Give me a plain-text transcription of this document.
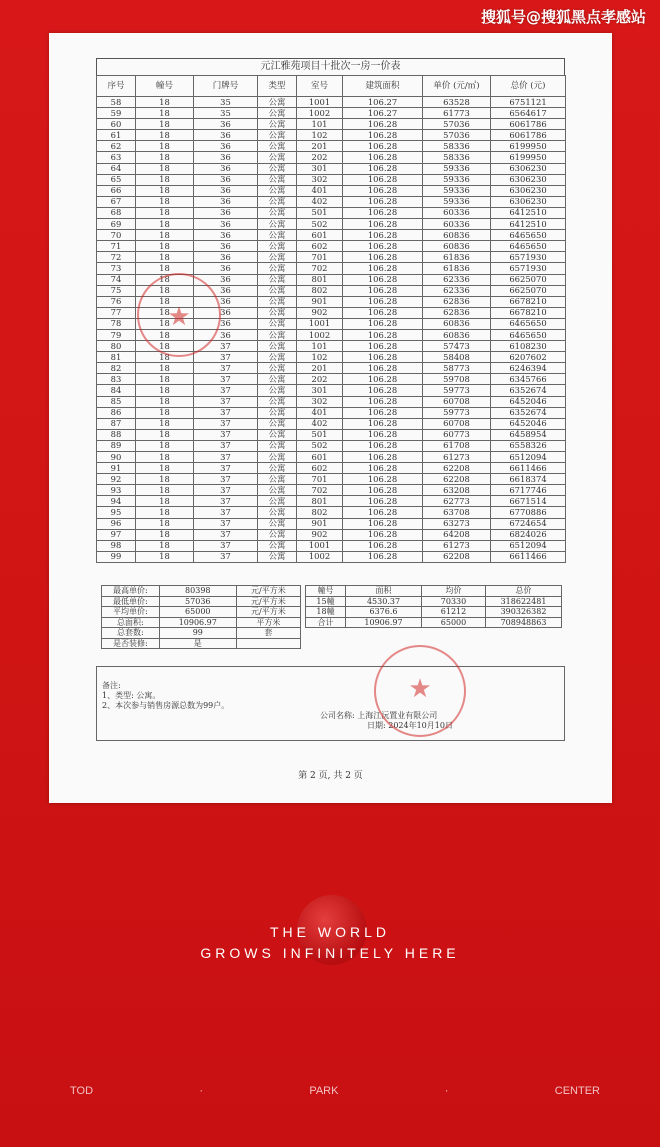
搜狐号@搜狐黑点孝感站
元江雅苑项目十批次一房一价表
序号	幢号	门牌号	类型	室号	建筑面积	单价 (元/㎡)	总价 (元)
58	18	35	公寓	1001	106.27	63528	6751121
59	18	35	公寓	1002	106.27	61773	6564617
60	18	36	公寓	101	106.28	57036	6061786
61	18	36	公寓	102	106.28	57036	6061786
62	18	36	公寓	201	106.28	58336	6199950
63	18	36	公寓	202	106.28	58336	6199950
64	18	36	公寓	301	106.28	59336	6306230
65	18	36	公寓	302	106.28	59336	6306230
66	18	36	公寓	401	106.28	59336	6306230
67	18	36	公寓	402	106.28	59336	6306230
68	18	36	公寓	501	106.28	60336	6412510
69	18	36	公寓	502	106.28	60336	6412510
70	18	36	公寓	601	106.28	60836	6465650
71	18	36	公寓	602	106.28	60836	6465650
72	18	36	公寓	701	106.28	61836	6571930
73	18	36	公寓	702	106.28	61836	6571930
74	18	36	公寓	801	106.28	62336	6625070
75	18	36	公寓	802	106.28	62336	6625070
76	18	36	公寓	901	106.28	62836	6678210
77	18	36	公寓	902	106.28	62836	6678210
78	18	36	公寓	1001	106.28	60836	6465650
79	18	36	公寓	1002	106.28	60836	6465650
80	18	37	公寓	101	106.28	57473	6108230
81	18	37	公寓	102	106.28	58408	6207602
82	18	37	公寓	201	106.28	58773	6246394
83	18	37	公寓	202	106.28	59708	6345766
84	18	37	公寓	301	106.28	59773	6352674
85	18	37	公寓	302	106.28	60708	6452046
86	18	37	公寓	401	106.28	59773	6352674
87	18	37	公寓	402	106.28	60708	6452046
88	18	37	公寓	501	106.28	60773	6458954
89	18	37	公寓	502	106.28	61708	6558326
90	18	37	公寓	601	106.28	61273	6512094
91	18	37	公寓	602	106.28	62208	6611466
92	18	37	公寓	701	106.28	62208	6618374
93	18	37	公寓	702	106.28	63208	6717746
94	18	37	公寓	801	106.28	62773	6671514
95	18	37	公寓	802	106.28	63708	6770886
96	18	37	公寓	901	106.28	63273	6724654
97	18	37	公寓	902	106.28	64208	6824026
98	18	37	公寓	1001	106.28	61273	6512094
99	18	37	公寓	1002	106.28	62208	6611466
最高单价:	80398	元/平方米
最低单价:	57036	元/平方米
平均单价:	65000	元/平方米
总面积:	10906.97	平方米
总套数:	99	套
是否装修:	是	
幢号	面积	均价	总价
15幢	4530.37	70330	318622481
18幢	6376.6	61212	390326382
合计	10906.97	65000	708948863
★
备注:
1、类型: 公寓。
2、本次参与销售房源总数为99户。
公司名称: 上海江沅置业有限公司
日期: 2024年10月10日
★
第 2 页, 共 2 页
THE WORLD
GROWS INFINITELY HERE
TOD	·	PARK	·	CENTER
